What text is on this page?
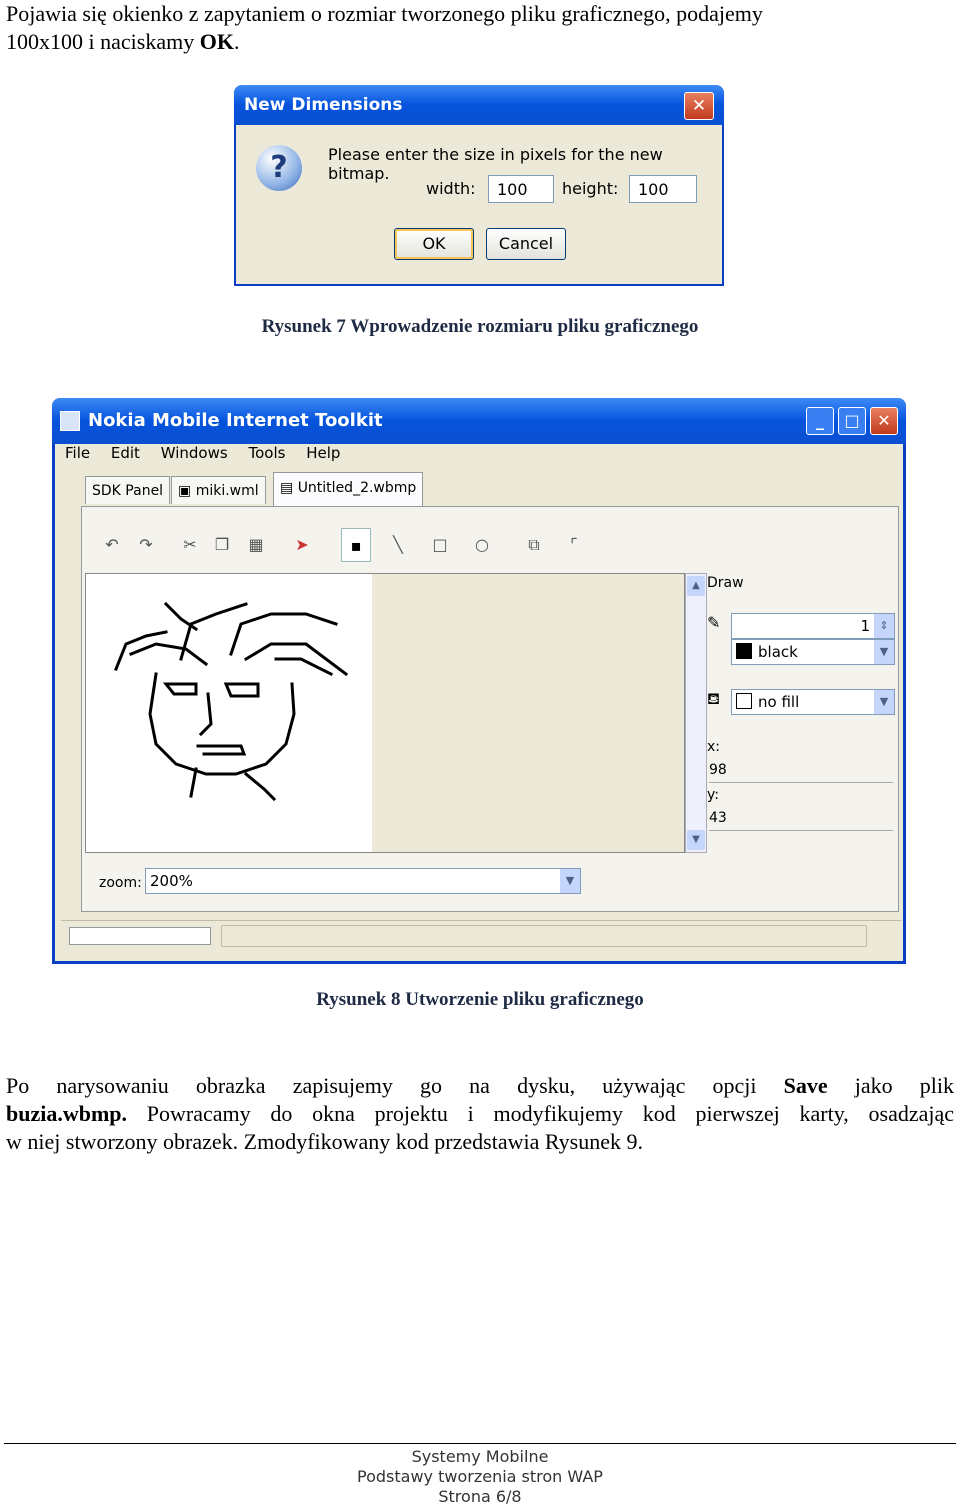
Pojawia się okienko z zapytaniem o rozmiar tworzonego pliku graficznego, podajemy
100x100 i naciskamy OK.
New Dimensions	✕
?	Please enter the size in pixels for the new bitmap.
width:	100	height:	100
OK	Cancel
Rysunek 7 Wprowadzenie rozmiaru pliku graficznego
Nokia Mobile Internet Toolkit	_	□	✕
File Edit Windows Tools Help
SDK Panel	▣ miki.wml	▤ Untitled_2.wbmp
↶	↷	✂	❐	▦	➤	▪	╲	□	○	⧉	⌜
▲
▼
Draw
✎	1 ⇕
black	▼
⛾	no fill	▼
x:
98
y:
43
zoom: 200%	▼
Rysunek 8 Utworzenie pliku graficznego
Po narysowaniu obrazka zapisujemy go na dysku, używając opcji Save jako plik
buzia.wbmp. Powracamy do okna projektu i modyfikujemy kod pierwszej karty, osadzając
w niej stworzony obrazek. Zmodyfikowany kod przedstawia Rysunek 9.
Systemy Mobilne
Podstawy tworzenia stron WAP
Strona 6/8
